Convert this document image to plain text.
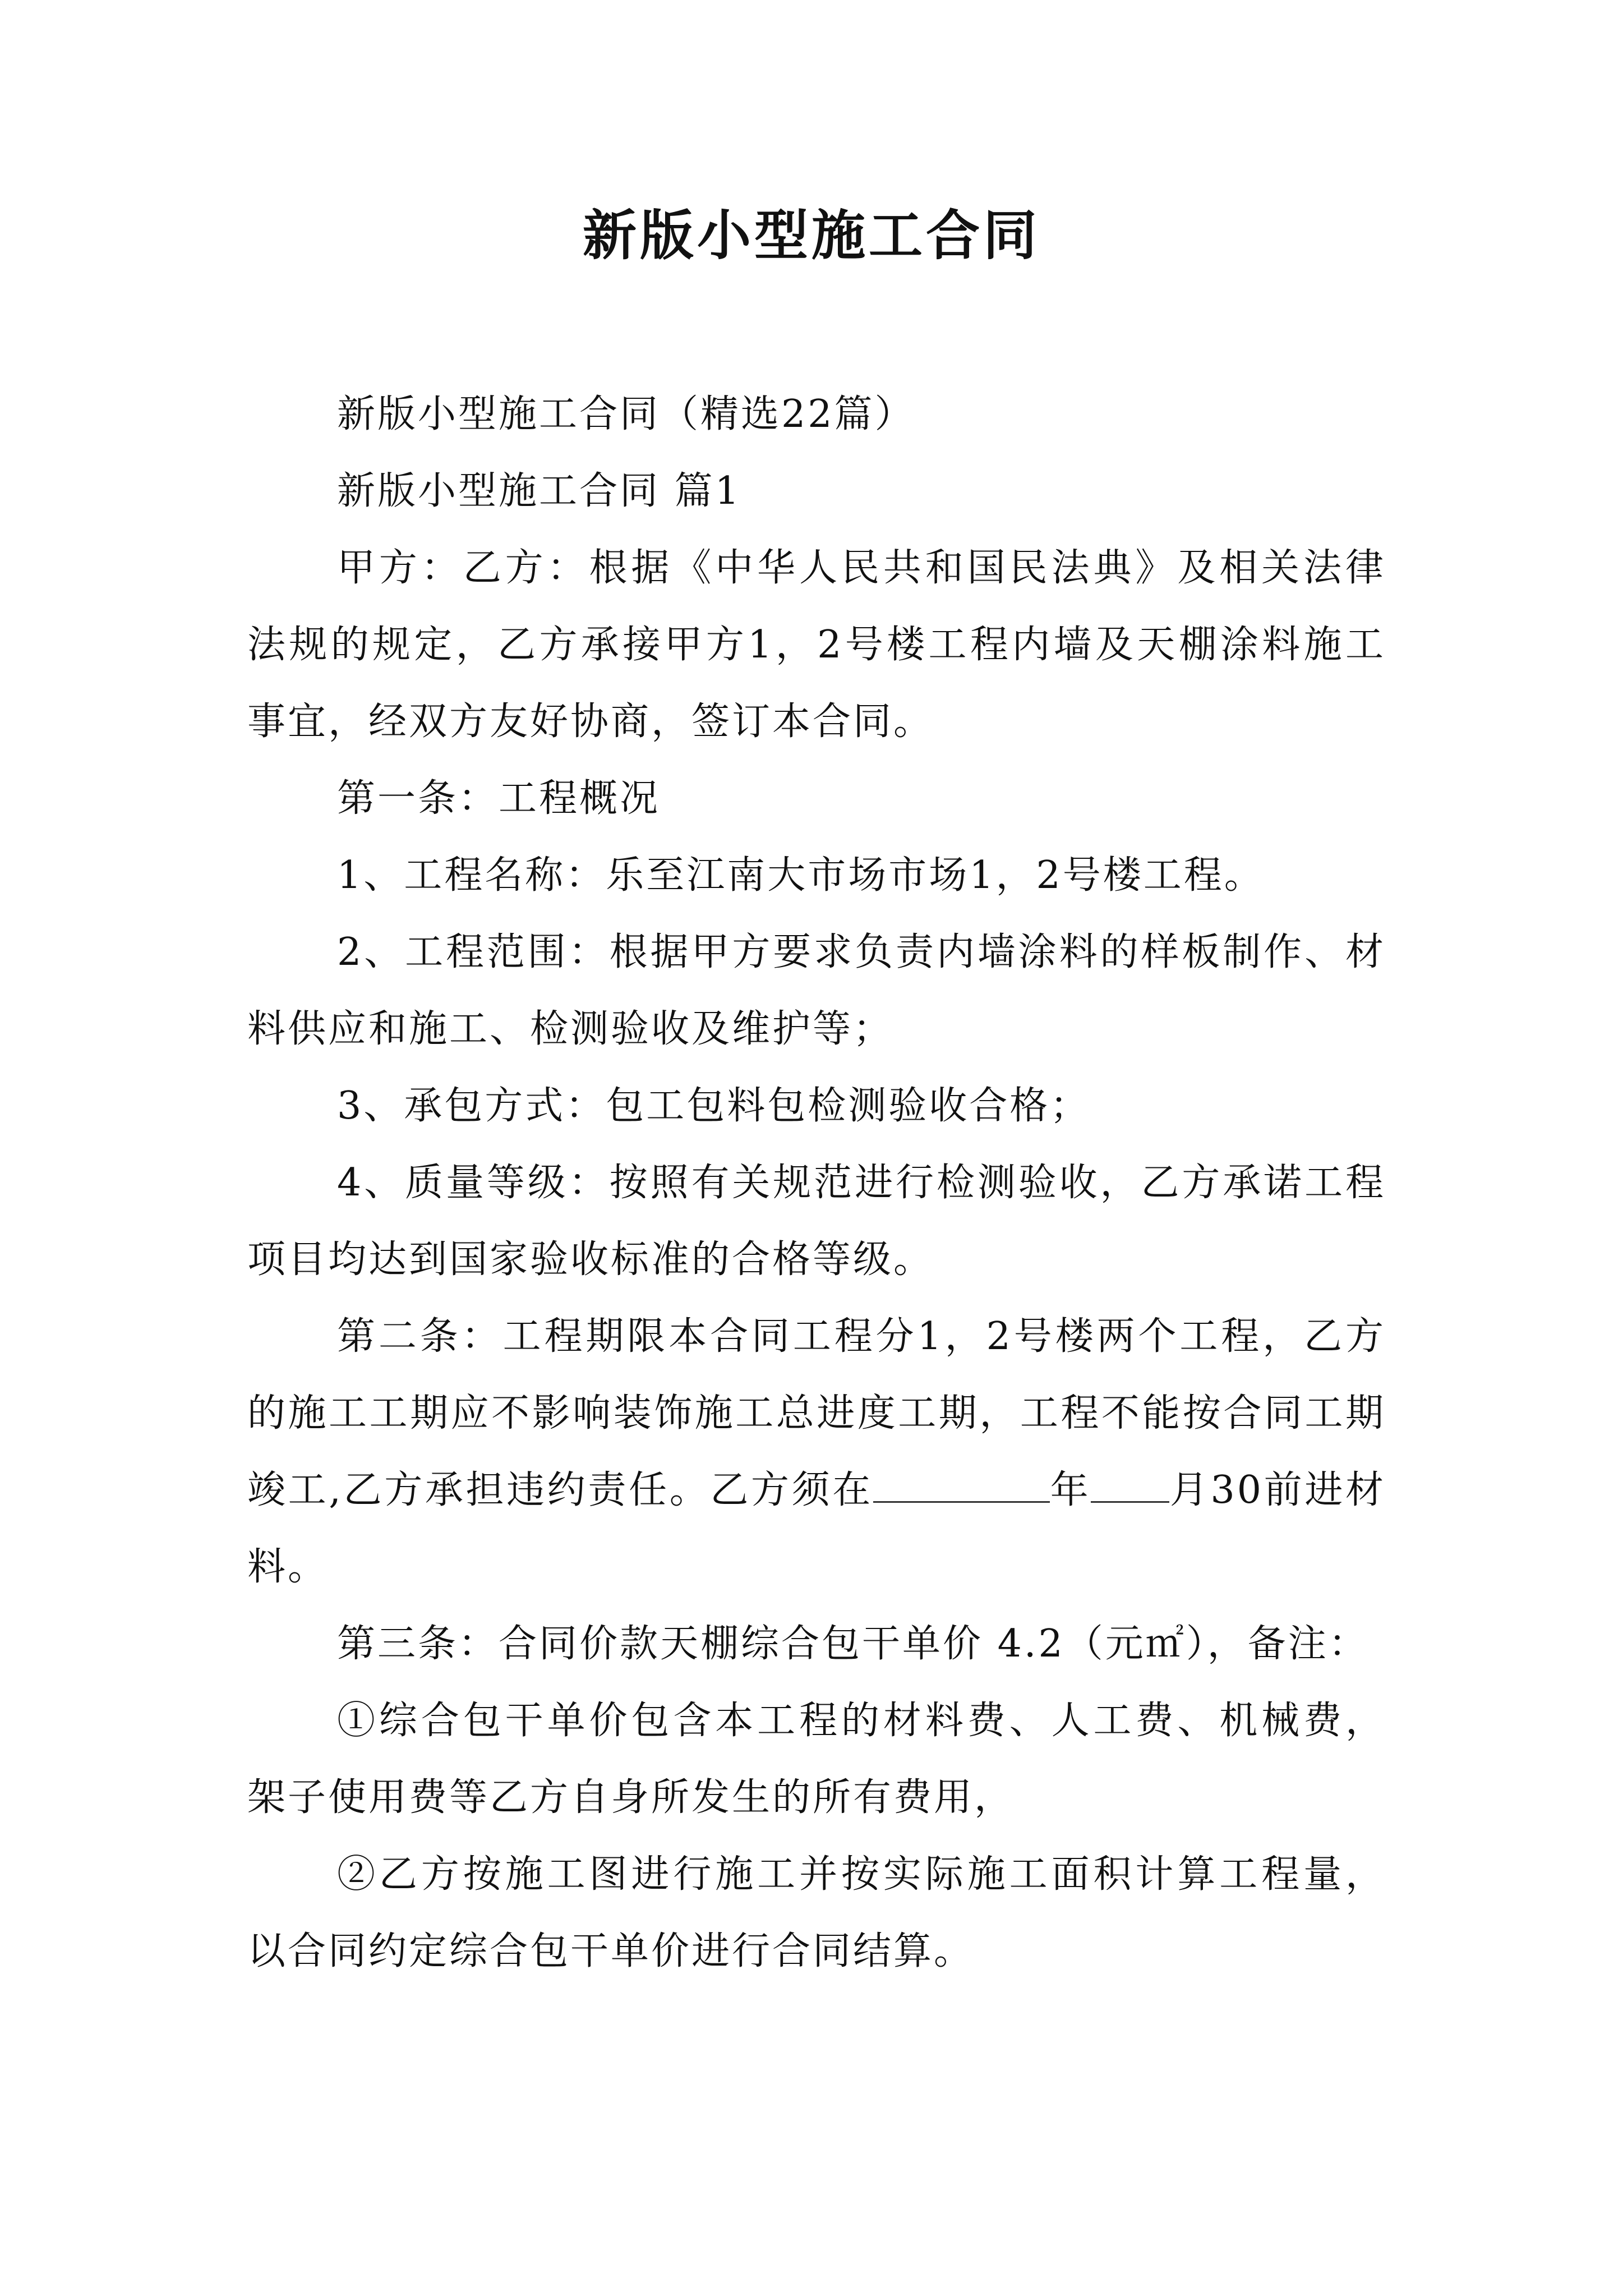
新版小型施工合同

新版小型施工合同（精选22篇）

新版小型施工合同 篇1

甲方：乙方：根据《中华人民共和国民法典》及相关法律法规的规定，乙方承接甲方1，2号楼工程内墙及天棚涂料施工事宜，经双方友好协商，签订本合同。

第一条：工程概况

1、工程名称：乐至江南大市场市场1，2号楼工程。

2、工程范围：根据甲方要求负责内墙涂料的样板制作、材料供应和施工、检测验收及维护等；

3、承包方式：包工包料包检测验收合格；

4、质量等级：按照有关规范进行检测验收，乙方承诺工程项目均达到国家验收标准的合格等级。

第二条：工程期限本合同工程分1，2号楼两个工程，乙方的施工工期应不影响装饰施工总进度工期，工程不能按合同工期竣工,乙方承担违约责任。乙方须在	年 月30前进材料。

第三条：合同价款天棚综合包干单价 4.2（元㎡），备注：

①综合包干单价包含本工程的材料费、人工费、机械费，架子使用费等乙方自身所发生的所有费用，

②乙方按施工图进行施工并按实际施工面积计算工程量，以合同约定综合包干单价进行合同结算。
